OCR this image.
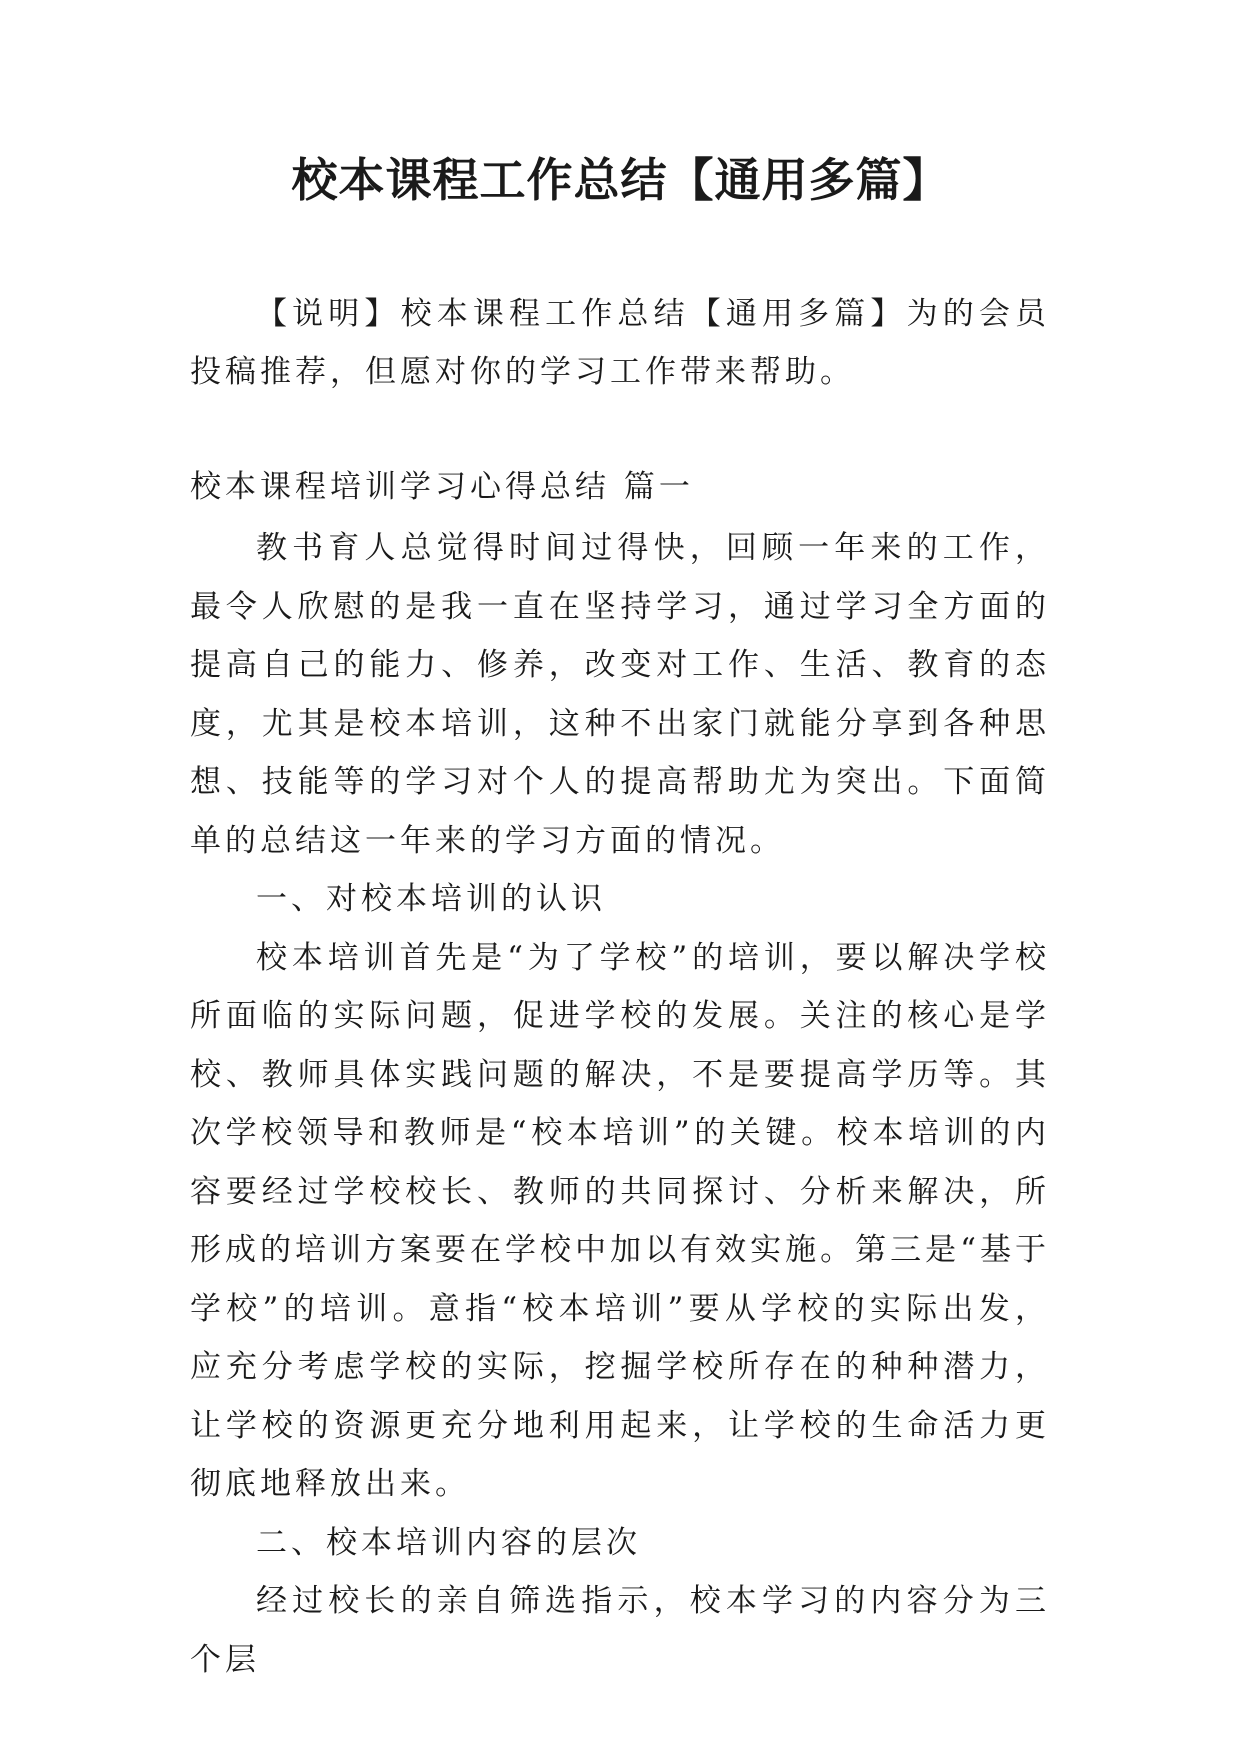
校本课程工作总结【通用多篇】

【说明】校本课程工作总结【通用多篇】为的会员投稿推荐，但愿对你的学习工作带来帮助。

校本课程培训学习心得总结 篇一

教书育人总觉得时间过得快，回顾一年来的工作，最令人欣慰的是我一直在坚持学习，通过学习全方面的提高自己的能力、修养，改变对工作、生活、教育的态度，尤其是校本培训，这种不出家门就能分享到各种思想、技能等的学习对个人的提高帮助尤为突出。下面简单的总结这一年来的学习方面的情况。

一、对校本培训的认识

校本培训首先是“为了学校”的培训，要以解决学校所面临的实际问题，促进学校的发展。关注的核心是学校、教师具体实践问题的解决，不是要提高学历等。其次学校领导和教师是“校本培训”的关键。校本培训的内容要经过学校校长、教师的共同探讨、分析来解决，所形成的培训方案要在学校中加以有效实施。第三是“基于学校”的培训。意指“校本培训”要从学校的实际出发，应充分考虑学校的实际，挖掘学校所存在的种种潜力，让学校的资源更充分地利用起来，让学校的生命活力更彻底地释放出来。

二、校本培训内容的层次

经过校长的亲自筛选指示，校本学习的内容分为三个层
